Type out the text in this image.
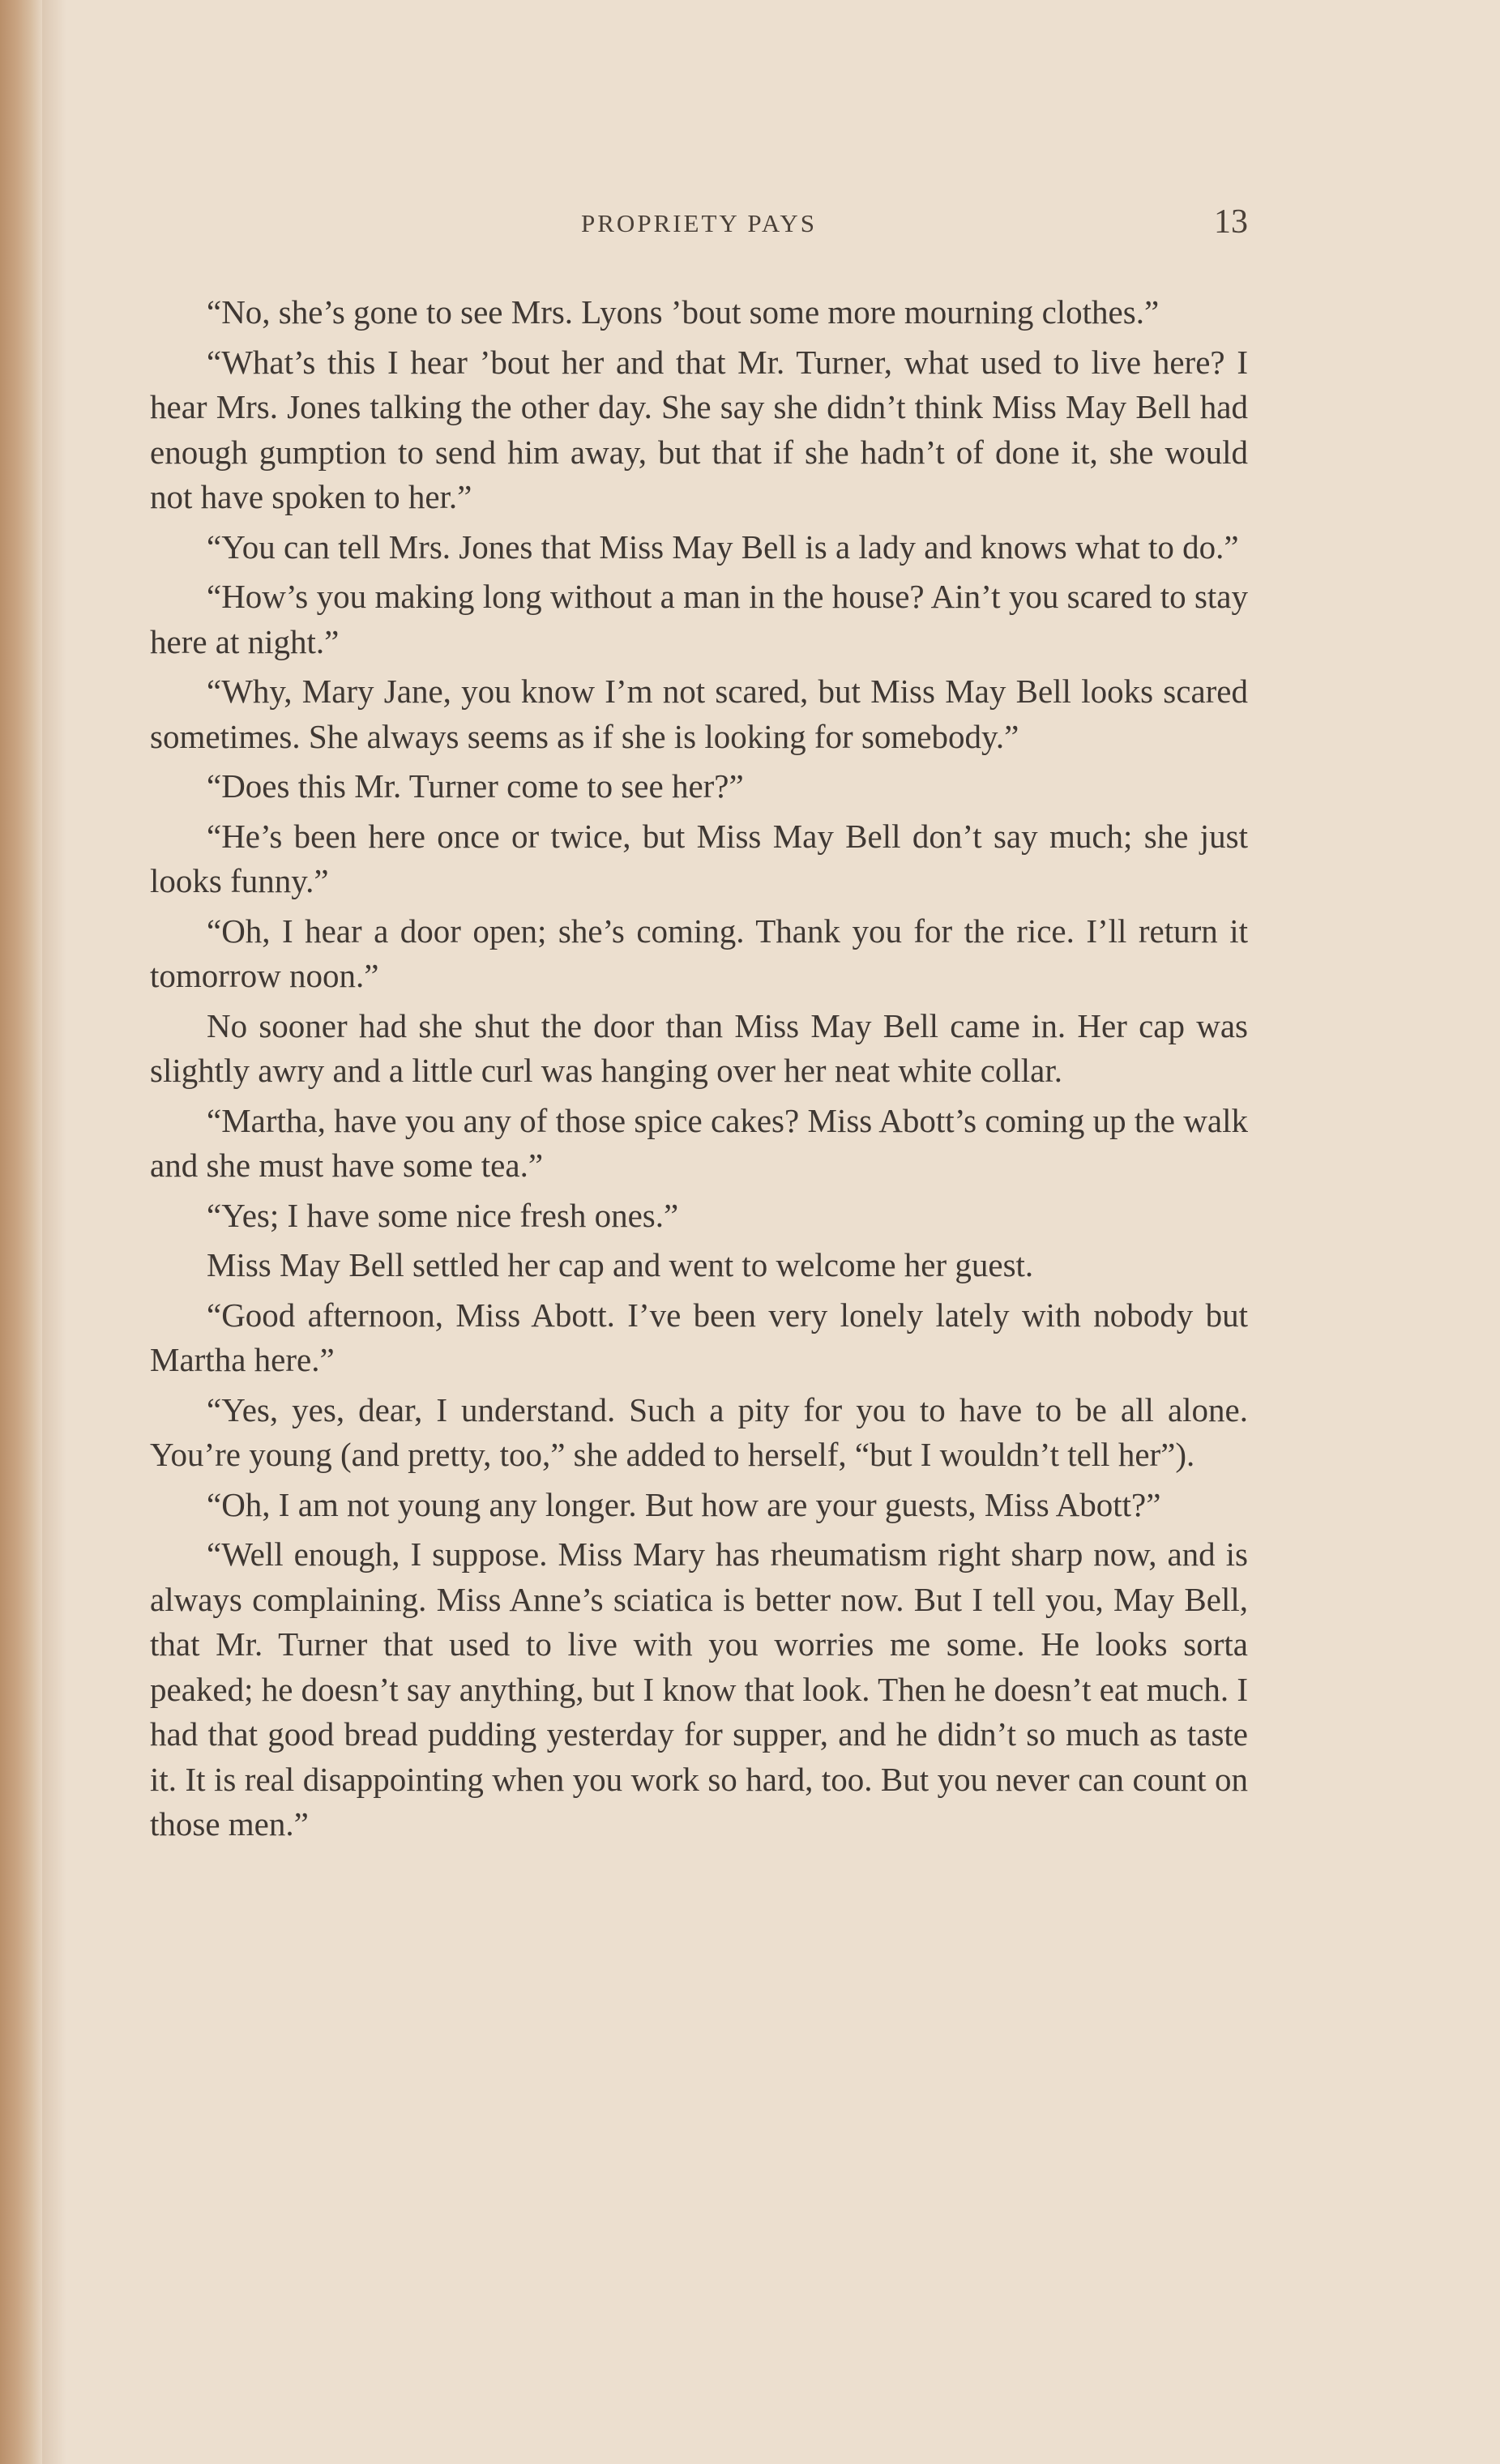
PROPRIETY PAYS	13

“No, she’s gone to see Mrs. Lyons ’bout some more mourning clothes.”

“What’s this I hear ’bout her and that Mr. Turner, what used to live here? I hear Mrs. Jones talking the other day. She say she didn’t think Miss May Bell had enough gumption to send him away, but that if she hadn’t of done it, she would not have spoken to her.”

“You can tell Mrs. Jones that Miss May Bell is a lady and knows what to do.”

“How’s you making long without a man in the house? Ain’t you scared to stay here at night.”

“Why, Mary Jane, you know I’m not scared, but Miss May Bell looks scared sometimes. She always seems as if she is looking for somebody.”

“Does this Mr. Turner come to see her?”

“He’s been here once or twice, but Miss May Bell don’t say much; she just looks funny.”

“Oh, I hear a door open; she’s coming. Thank you for the rice. I’ll return it tomorrow noon.”

No sooner had she shut the door than Miss May Bell came in. Her cap was slightly awry and a little curl was hanging over her neat white collar.

“Martha, have you any of those spice cakes? Miss Abott’s coming up the walk and she must have some tea.”

“Yes; I have some nice fresh ones.”

Miss May Bell settled her cap and went to welcome her guest.

“Good afternoon, Miss Abott. I’ve been very lonely lately with nobody but Martha here.”

“Yes, yes, dear, I understand. Such a pity for you to have to be all alone. You’re young (and pretty, too,” she added to herself, “but I wouldn’t tell her”).

“Oh, I am not young any longer. But how are your guests, Miss Abott?”

“Well enough, I suppose. Miss Mary has rheumatism right sharp now, and is always complaining. Miss Anne’s sciatica is better now. But I tell you, May Bell, that Mr. Turner that used to live with you worries me some. He looks sorta peaked; he doesn’t say anything, but I know that look. Then he doesn’t eat much. I had that good bread pudding yesterday for supper, and he didn’t so much as taste it. It is real disappointing when you work so hard, too. But you never can count on those men.”
